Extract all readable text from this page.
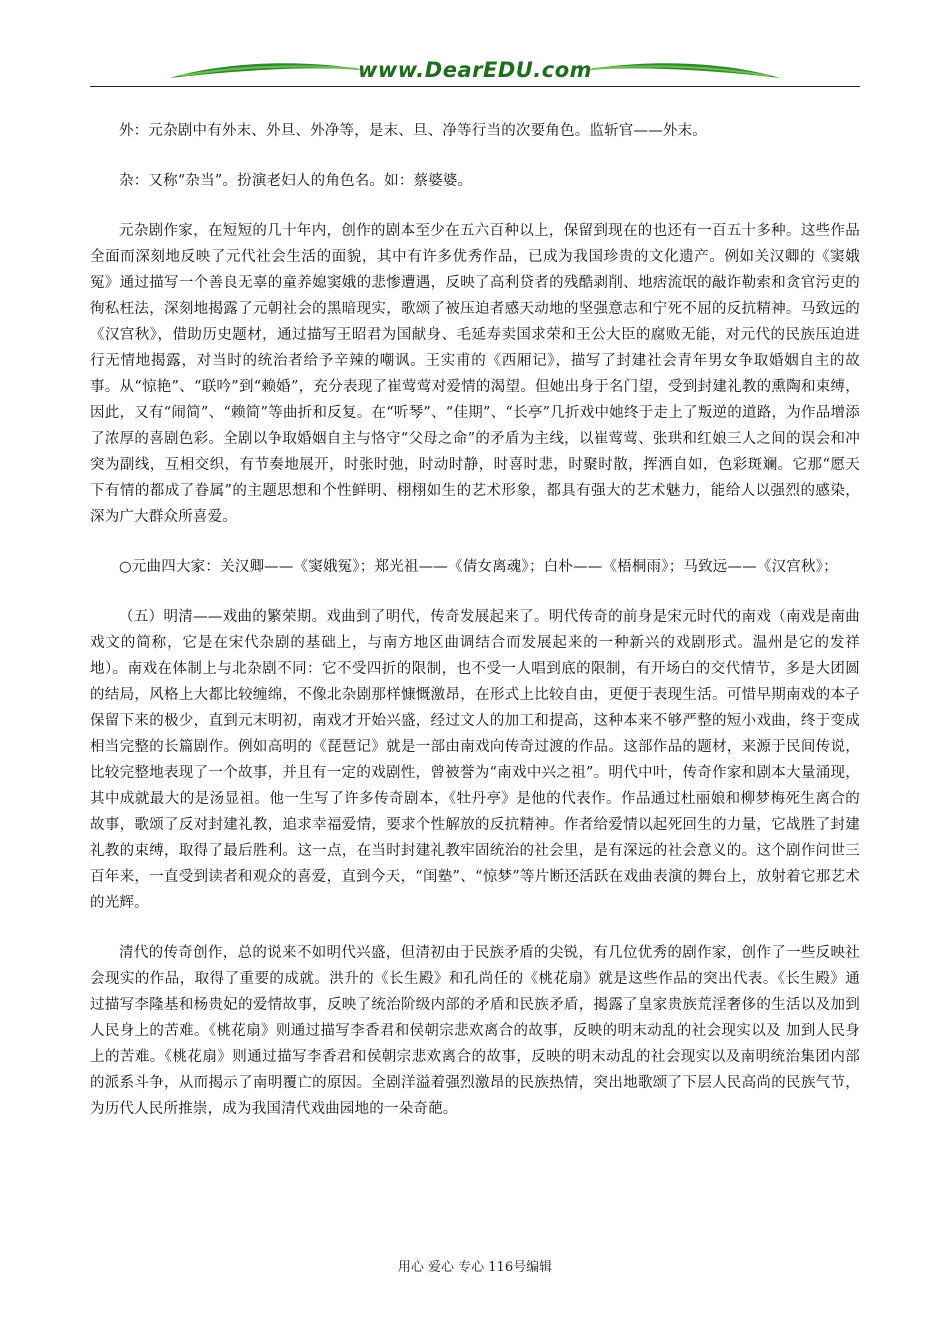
www.DearEDU.com

外：元杂剧中有外末、外旦、外净等，是末、旦、净等行当的次要角色。监斩官——外末。

杂：又称“杂当”。扮演老妇人的角色名。如：蔡婆婆。

元杂剧作家，在短短的几十年内，创作的剧本至少在五六百种以上，保留到现在的也还有一百五十多种。这些作品全面而深刻地反映了元代社会生活的面貌，其中有许多优秀作品，已成为我国珍贵的文化遗产。例如关汉卿的《窦娥冤》通过描写一个善良无辜的童养媳窦娥的悲惨遭遇，反映了高利贷者的残酷剥削、地痞流氓的敲诈勒索和贪官污吏的徇私枉法，深刻地揭露了元朝社会的黑暗现实，歌颂了被压迫者感天动地的坚强意志和宁死不屈的反抗精神。马致远的《汉宫秋》，借助历史题材，通过描写王昭君为国献身、毛延寿卖国求荣和王公大臣的腐败无能，对元代的民族压迫进行无情地揭露，对当时的统治者给予辛辣的嘲讽。王实甫的《西厢记》，描写了封建社会青年男女争取婚姻自主的故事。从“惊艳”、“联吟”到“赖婚”，充分表现了崔莺莺对爱情的渴望。但她出身于名门望，受到封建礼教的熏陶和束缚，因此，又有“闹简”、“赖简”等曲折和反复。在“听琴”、“佳期”、“长亭”几折戏中她终于走上了叛逆的道路，为作品增添了浓厚的喜剧色彩。全剧以争取婚姻自主与恪守“父母之命”的矛盾为主线，以崔莺莺、张珙和红娘三人之间的误会和冲突为副线，互相交织，有节奏地展开，时张时弛，时动时静，时喜时悲，时聚时散，挥洒自如，色彩斑斓。它那“愿天下有情的都成了眷属”的主题思想和个性鲜明、栩栩如生的艺术形象，都具有强大的艺术魅力，能给人以强烈的感染，深为广大群众所喜爱。

○元曲四大家：关汉卿——《窦娥冤》；郑光祖——《倩女离魂》；白朴——《梧桐雨》；马致远——《汉宫秋》；

（五）明清——戏曲的繁荣期。戏曲到了明代，传奇发展起来了。明代传奇的前身是宋元时代的南戏（南戏是南曲戏文的简称，它是在宋代杂剧的基础上，与南方地区曲调结合而发展起来的一种新兴的戏剧形式。温州是它的发祥地）。南戏在体制上与北杂剧不同：它不受四折的限制，也不受一人唱到底的限制，有开场白的交代情节，多是大团圆的结局，风格上大都比较缠绵，不像北杂剧那样慷慨激昂，在形式上比较自由，更便于表现生活。可惜早期南戏的本子保留下来的极少，直到元末明初，南戏才开始兴盛，经过文人的加工和提高，这种本来不够严整的短小戏曲，终于变成相当完整的长篇剧作。例如高明的《琵琶记》就是一部由南戏向传奇过渡的作品。这部作品的题材，来源于民间传说，比较完整地表现了一个故事，并且有一定的戏剧性，曾被誉为“南戏中兴之祖”。明代中叶，传奇作家和剧本大量涌现，其中成就最大的是汤显祖。他一生写了许多传奇剧本，《牡丹亭》是他的代表作。作品通过杜丽娘和柳梦梅死生离合的故事，歌颂了反对封建礼教，追求幸福爱情，要求个性解放的反抗精神。作者给爱情以起死回生的力量，它战胜了封建礼教的束缚，取得了最后胜利。这一点，在当时封建礼教牢固统治的社会里，是有深远的社会意义的。这个剧作问世三百年来，一直受到读者和观众的喜爱，直到今天，“闺塾”、“惊梦”等片断还活跃在戏曲表演的舞台上，放射着它那艺术的光辉。

清代的传奇创作，总的说来不如明代兴盛，但清初由于民族矛盾的尖锐，有几位优秀的剧作家，创作了一些反映社会现实的作品，取得了重要的成就。洪升的《长生殿》和孔尚任的《桃花扇》就是这些作品的突出代表。《长生殿》通过描写李隆基和杨贵妃的爱情故事，反映了统治阶级内部的矛盾和民族矛盾，揭露了皇家贵族荒淫奢侈的生活以及加到人民身上的苦难。《桃花扇》则通过描写李香君和侯朝宗悲欢离合的故事，反映的明末动乱的社会现实以及 加到人民身上的苦难。《桃花扇》则通过描写李香君和侯朝宗悲欢离合的故事，反映的明末动乱的社会现实以及南明统治集团内部的派系斗争，从而揭示了南明覆亡的原因。全剧洋溢着强烈激昂的民族热情，突出地歌颂了下层人民高尚的民族气节，为历代人民所推崇，成为我国清代戏曲园地的一朵奇葩。

用心 爱心 专心 116号编辑
